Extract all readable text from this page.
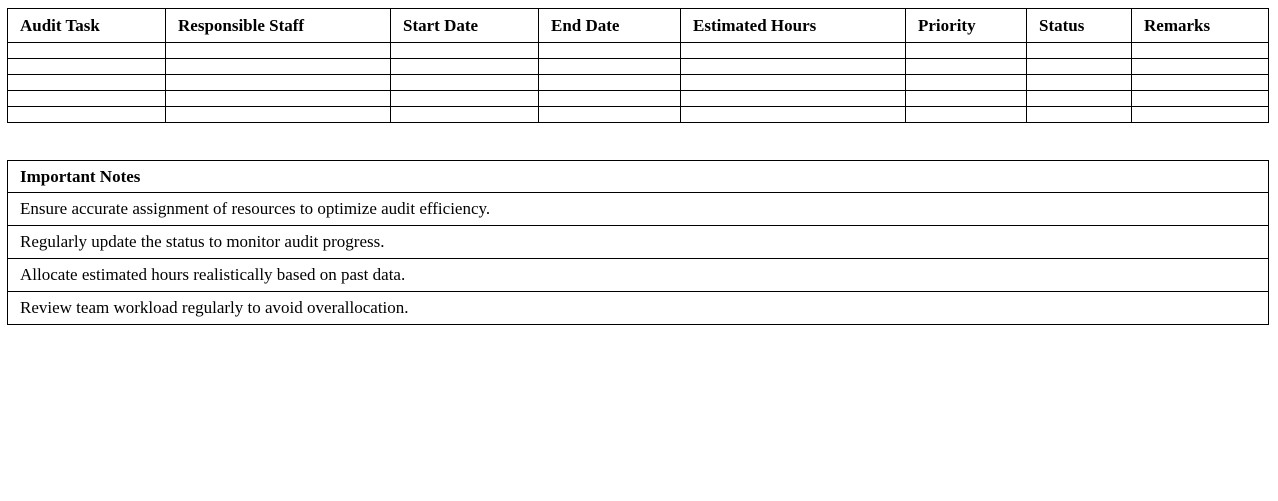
Audit Task	Responsible Staff	Start Date	End Date	Estimated Hours	Priority	Status	Remarks

Important Notes
Ensure accurate assignment of resources to optimize audit efficiency.
Regularly update the status to monitor audit progress.
Allocate estimated hours realistically based on past data.
Review team workload regularly to avoid overallocation.
